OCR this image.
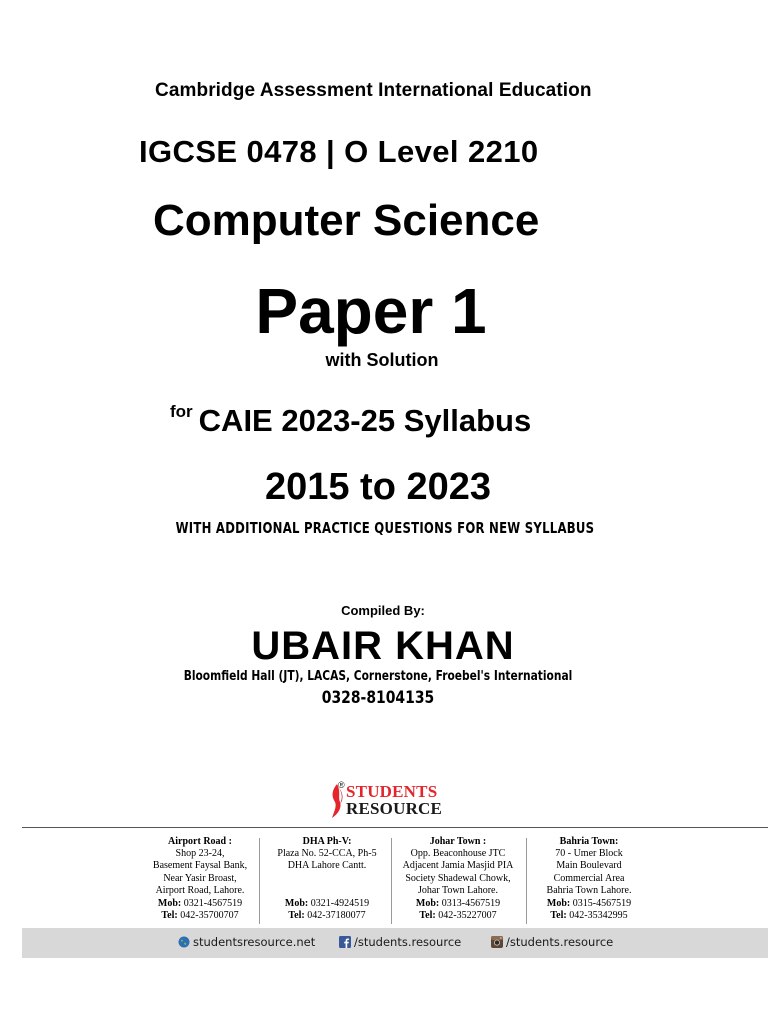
Cambridge Assessment International Education
IGCSE 0478 | O Level 2210
Computer Science
Paper 1
with Solution
for CAIE 2023-25 Syllabus
2015 to 2023
WITH ADDITIONAL PRACTICE QUESTIONS FOR NEW SYLLABUS
Compiled By:
UBAIR KHAN
Bloomfield Hall (JT), LACAS, Cornerstone, Froebel's International
0328-8104135
® STUDENTS
RESOURCE
Airport Road :
Shop 23-24,
Basement Faysal Bank,
Near Yasir Broast,
Airport Road, Lahore.
Mob: 0321-4567519
Tel: 042-35700707
DHA Ph-V:
Plaza No. 52-CCA, Ph-5
DHA Lahore Cantt.
Mob: 0321-4924519
Tel: 042-37180077
Johar Town :
Opp. Beaconhouse JTC
Adjacent Jamia Masjid PIA
Society Shadewal Chowk,
Johar Town Lahore.
Mob: 0313-4567519
Tel: 042-35227007
Bahria Town:
70 - Umer Block
Main Boulevard
Commercial Area
Bahria Town Lahore.
Mob: 0315-4567519
Tel: 042-35342995
studentsresource.net	/students.resource	/students.resource
